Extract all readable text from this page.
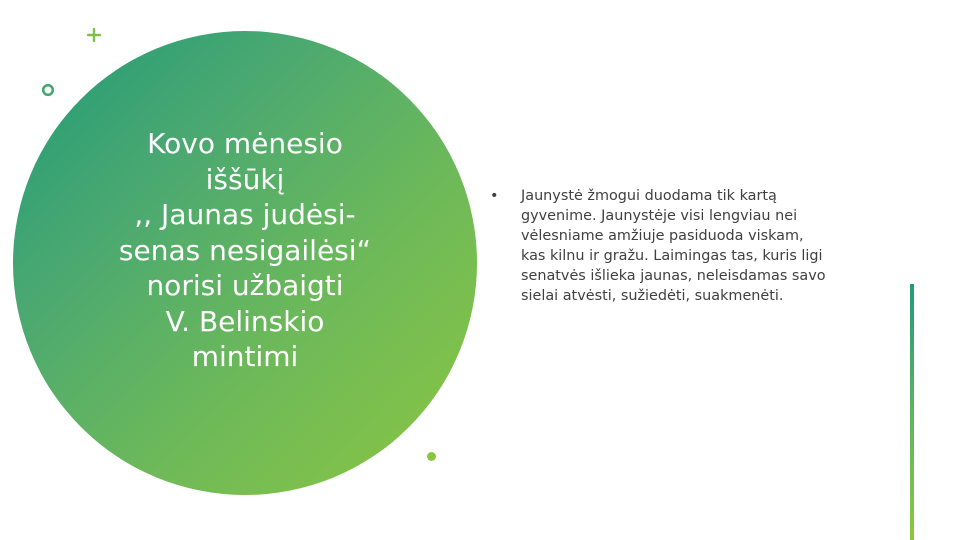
Kovo mėnesio
iššūkį
,, Jaunas judėsi-
senas nesigailėsi“
norisi užbaigti
V. Belinskio
mintimi
• Jaunystė žmogui duodama tik kartą
gyvenime. Jaunystėje visi lengviau nei
vėlesniame amžiuje pasiduoda viskam,
kas kilnu ir gražu. Laimingas tas, kuris ligi
senatvės išlieka jaunas, neleisdamas savo
sielai atvėsti, sužiedėti, suakmenėti.
